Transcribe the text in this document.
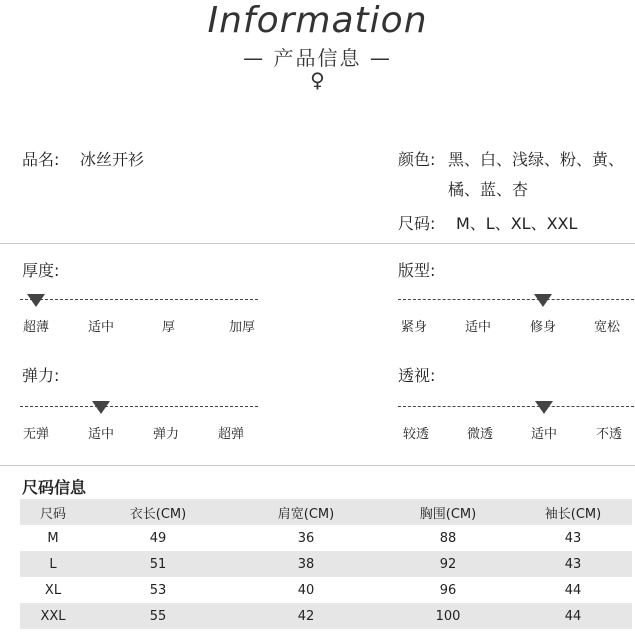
Information
— 产品信息 —
♀
品名: 冰丝开衫	颜色: 黑、白、浅绿、粉、黄、
橘、蓝、杏
尺码: M、L、XL、XXL
厚度:
超薄	适中	厚	加厚
版型:
紧身	适中	修身	宽松
弹力:
无弹	适中	弹力	超弹
透视:
较透	微透	适中	不透
尺码信息
尺码	衣长(CM)	肩宽(CM)	胸围(CM)	袖长(CM)
M	49	36	88	43
L	51	38	92	43
XL	53	40	96	44
XXL	55	42	100	44
